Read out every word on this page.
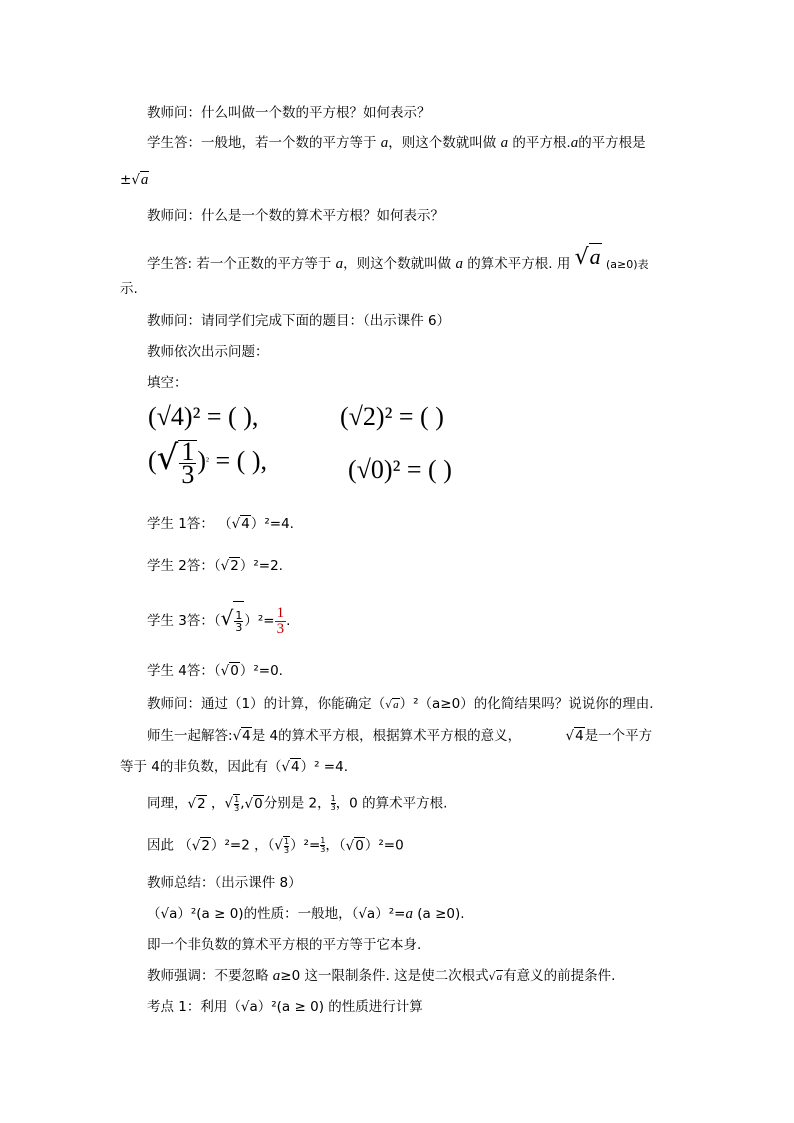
教师问：什么叫做一个数的平方根？如何表示？
学生答：一般地，若一个数的平方等于 a，则这个数就叫做 a 的平方根.a的平方根是
±√a
教师问：什么是一个数的算术平方根？如何表示？
学生答: 若一个正数的平方等于 a，则这个数就叫做 a 的算术平方根. 用 √a (a≥0)表
示.
教师问：请同学们完成下面的题目：（出示课件 6）
教师依次出示问题：
填空：
(√4)² = ( ),	(√2)² = ( )
(√ $\frac{1}{3} )^2$ = ( ),	(√0)² = ( )
学生 1答： （√4）²=4.
学生 2答：（√2）²=2.
学生 3答：（√ $\frac{1}{3} )^2= \frac{1}{3}$ .
学生 4答：（√0）²=0.
教师问：通过（1）的计算，你能确定（√a）²（a≥0）的化简结果吗？说说你的理由.
师生一起解答:√4是 4的算术平方根，根据算术平方根的意义，	√4是一个平方
等于 4的非负数，因此有（√4）² =4.
同理，√2 ，√ $\frac{1}{3} ,√0$分别是 2， $\frac{1}{3}$ ，0 的算术平方根.
因此 （√2）²=2 ，（√ $\frac{1}{3} )^2= \frac{1}{3}$ ，（√0）²=0
教师总结：（出示课件 8）
（√a）²(a ≥ 0)的性质：一般地，（√a）²=a (a ≥0).
即一个非负数的算术平方根的平方等于它本身.
教师强调：不要忽略 a≥0 这一限制条件. 这是使二次根式√a有意义的前提条件.
考点 1：利用（√a）²(a ≥ 0) 的性质进行计算
